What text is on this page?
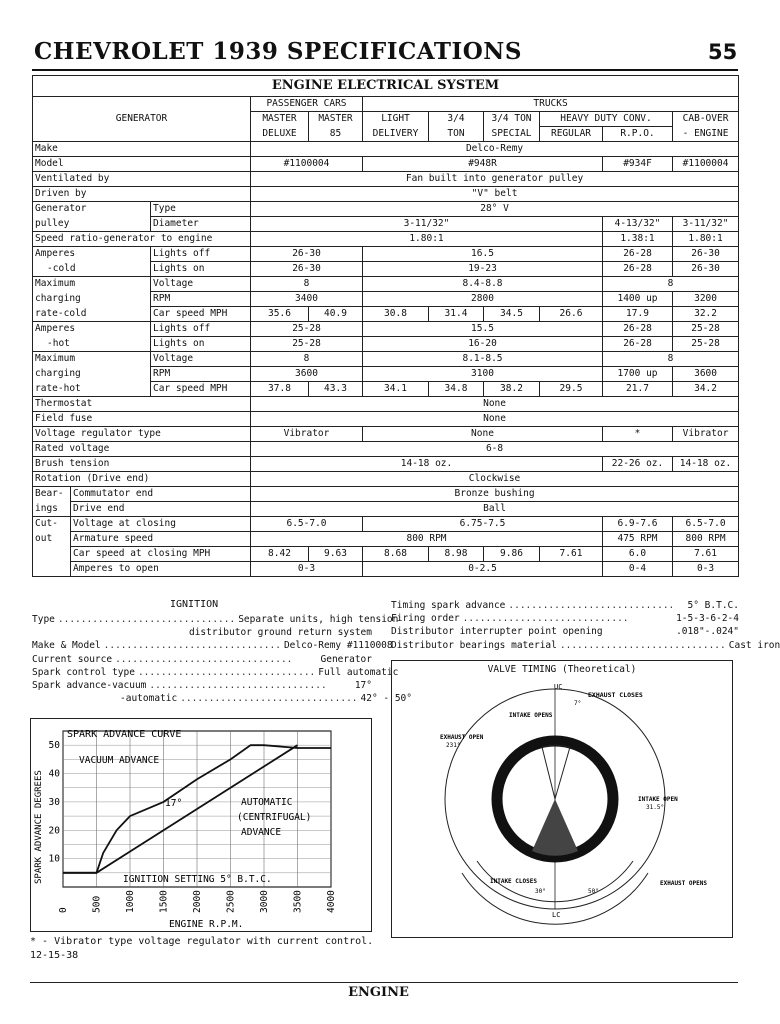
CHEVROLET 1939 SPECIFICATIONS	55
ENGINE ELECTRICAL SYSTEM										
GENERATOR			PASSENGER CARS		TRUCKS					
			MASTER	MASTER	LIGHT	3/4	3/4 TON	HEAVY DUTY CONV.		CAB-OVER
			DELUXE	85	DELIVERY	TON	SPECIAL	REGULAR	R.P.O.	- ENGINE
Make			Delco-Remy							
Model			#1100004		#948R				#934F	#1100004
Ventilated by			Fan built into generator pulley							
Driven by			"V" belt							
Generator		Type	28° V							
pulley		Diameter	3-11/32"						4-13/32"	3-11/32"
Speed ratio-generator to engine			1.80:1						1.38:1	1.80:1
Amperes		Lights off	26-30		16.5				26-28	26-30
-cold		Lights on	26-30		19-23				26-28	26-30
Maximum		Voltage	8		8.4-8.8				8	
charging		RPM	3400		2800				1400 up	3200
rate-cold		Car speed MPH	35.6	40.9	30.8	31.4	34.5	26.6	17.9	32.2
Amperes		Lights off	25-28		15.5				26-28	25-28
-hot		Lights on	25-28		16-20				26-28	25-28
Maximum		Voltage	8		8.1-8.5				8	
charging		RPM	3600		3100				1700 up	3600
rate-hot		Car speed MPH	37.8	43.3	34.1	34.8	38.2	29.5	21.7	34.2
Thermostat			None							
Field fuse			None							
Voltage regulator type			Vibrator		None				*	Vibrator
Rated voltage			6-8							
Brush tension			14-18 oz.						22-26 oz.	14-18 oz.
Rotation (Drive end)			Clockwise							
Bear-	Commutator end		Bronze bushing							
ings	Drive end		Ball							
Cut-	Voltage at closing		6.5-7.0		6.75-7.5				6.9-7.6	6.5-7.0
out	Armature speed		800 RPM						475 RPM	800 RPM
	Car speed at closing MPH		8.42	9.63	8.68	8.98	9.86	7.61	6.0	7.61
	Amperes to open		0-3		0-2.5				0-4	0-3
IGNITION
Type ............................... Separate units, high tension
distributor ground return system
Make & Model ............................... Delco-Remy #1110008
Current source ...............................	Generator
Spark control type ............................... Full automatic
Spark advance-vacuum ...............................	17°
-automatic ............................... 42° - 50°
Timing spark advance .............................	5° B.T.C.
Firing order .............................	1-5-3-6-2-4
Distributor interrupter point opening	.018"-.024"
Distributor bearings material ............................. Cast iron
0 500 1000 1500 2000 2500 3000 3500 4000
10
20
30
40
50
SPARK ADVANCE CURVE
VACUUM ADVANCE
17°	AUTOMATIC
(CENTRIFUGAL)
ADVANCE
IGNITION SETTING 5° B.T.C.
ENGINE R.P.M.
SPARK ADVANCE DEGREES
VALVE TIMING (Theoretical)
UC
LC
EXHAUST CLOSES
INTAKE OPENS
EXHAUST OPEN
231°
INTAKE OPEN
31.5°
INTAKE CLOSES	EXHAUST OPENS
7°
30°	50°
* - Vibrator type voltage regulator with current control.
12-15-38
ENGINE
